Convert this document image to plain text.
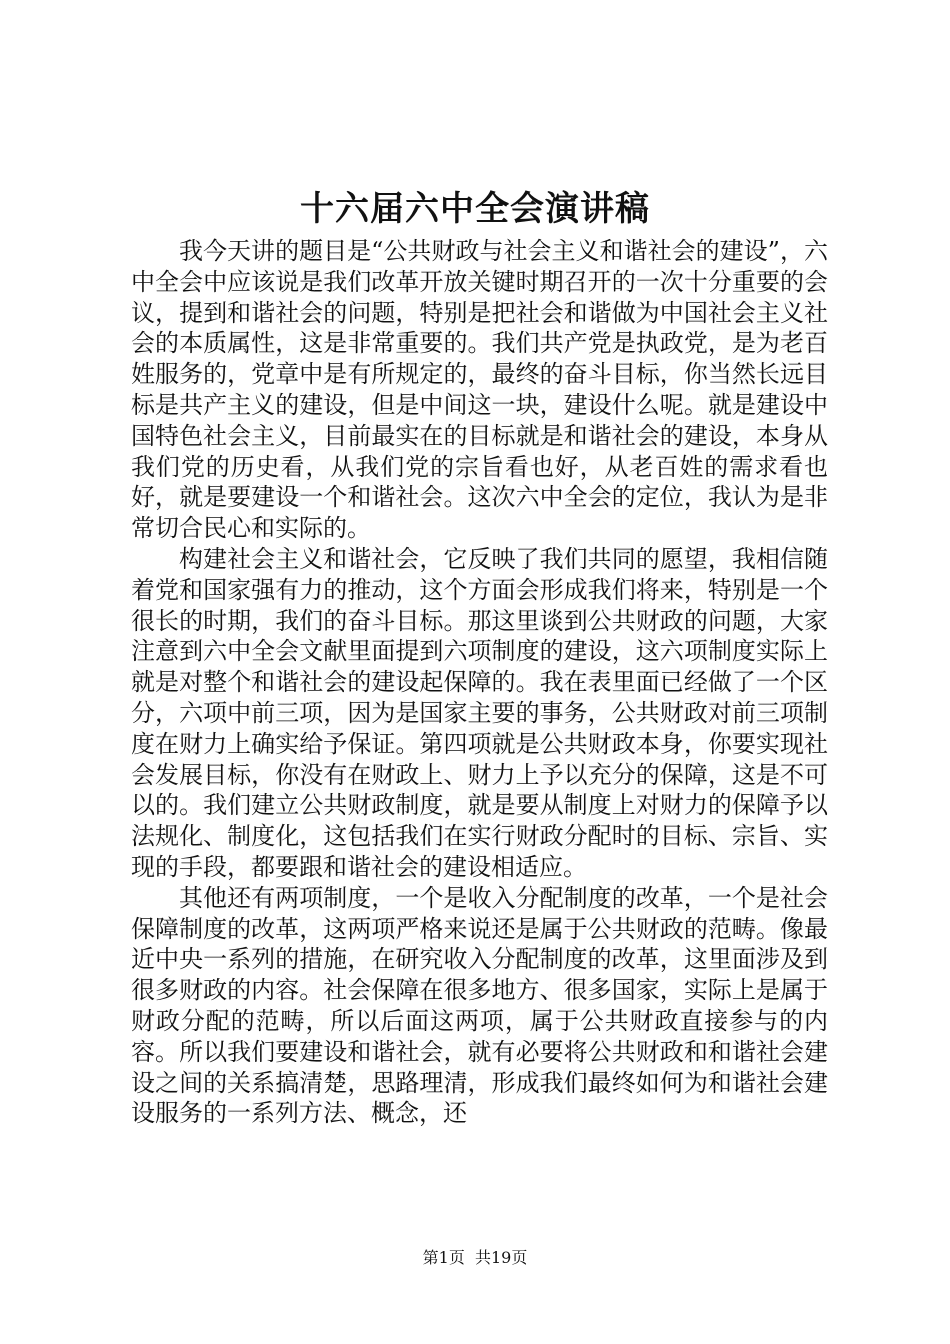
十六届六中全会演讲稿

我今天讲的题目是“公共财政与社会主义和谐社会的建设”，六中全会中应该说是我们改革开放关键时期召开的一次十分重要的会议，提到和谐社会的问题，特别是把社会和谐做为中国社会主义社会的本质属性，这是非常重要的。我们共产党是执政党，是为老百姓服务的，党章中是有所规定的，最终的奋斗目标，你当然长远目标是共产主义的建设，但是中间这一块，建设什么呢。就是建设中国特色社会主义，目前最实在的目标就是和谐社会的建设，本身从我们党的历史看，从我们党的宗旨看也好，从老百姓的需求看也好，就是要建设一个和谐社会。这次六中全会的定位，我认为是非常切合民心和实际的。

构建社会主义和谐社会，它反映了我们共同的愿望，我相信随着党和国家强有力的推动，这个方面会形成我们将来，特别是一个很长的时期，我们的奋斗目标。那这里谈到公共财政的问题，大家注意到六中全会文献里面提到六项制度的建设，这六项制度实际上就是对整个和谐社会的建设起保障的。我在表里面已经做了一个区分，六项中前三项，因为是国家主要的事务，公共财政对前三项制度在财力上确实给予保证。第四项就是公共财政本身，你要实现社会发展目标，你没有在财政上、财力上予以充分的保障，这是不可以的。我们建立公共财政制度，就是要从制度上对财力的保障予以法规化、制度化，这包括我们在实行财政分配时的目标、宗旨、实现的手段，都要跟和谐社会的建设相适应。

其他还有两项制度，一个是收入分配制度的改革，一个是社会保障制度的改革，这两项严格来说还是属于公共财政的范畴。像最近中央一系列的措施，在研究收入分配制度的改革，这里面涉及到很多财政的内容。社会保障在很多地方、很多国家，实际上是属于财政分配的范畴，所以后面这两项，属于公共财政直接参与的内容。所以我们要建设和谐社会，就有必要将公共财政和和谐社会建设之间的关系搞清楚，思路理清，形成我们最终如何为和谐社会建设服务的一系列方法、概念，还

第1页  共19页
